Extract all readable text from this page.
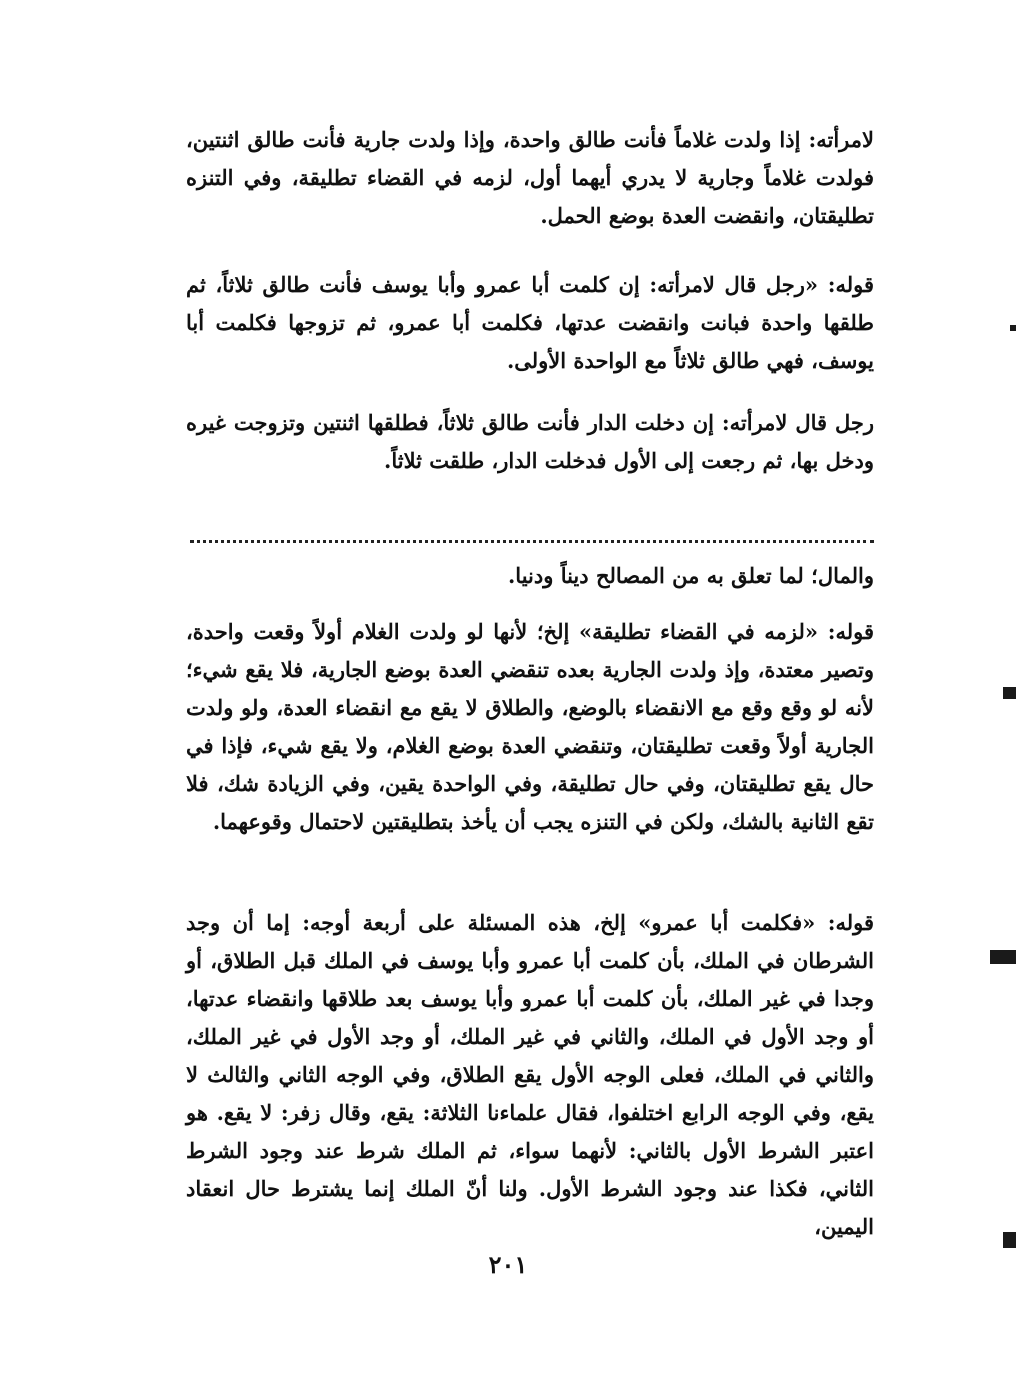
لامرأته: إذا ولدت غلاماً فأنت طالق واحدة، وإذا ولدت جارية فأنت طالق اثنتين، فولدت غلاماً وجارية لا يدري أيهما أول، لزمه في القضاء تطليقة، وفي التنزه تطليقتان، وانقضت العدة بوضع الحمل.

قوله: «رجل قال لامرأته: إن كلمت أبا عمرو وأبا يوسف فأنت طالق ثلاثاً، ثم طلقها واحدة فبانت وانقضت عدتها، فكلمت أبا عمرو، ثم تزوجها فكلمت أبا يوسف، فهي طالق ثلاثاً مع الواحدة الأولى.

رجل قال لامرأته: إن دخلت الدار فأنت طالق ثلاثاً، فطلقها اثنتين وتزوجت غيره ودخل بها، ثم رجعت إلى الأول فدخلت الدار، طلقت ثلاثاً.

والمال؛ لما تعلق به من المصالح ديناً ودنيا.

قوله: «لزمه في القضاء تطليقة» إلخ؛ لأنها لو ولدت الغلام أولاً وقعت واحدة، وتصير معتدة، وإذ ولدت الجارية بعده تنقضي العدة بوضع الجارية، فلا يقع شيء؛ لأنه لو وقع وقع مع الانقضاء بالوضع، والطلاق لا يقع مع انقضاء العدة، ولو ولدت الجارية أولاً وقعت تطليقتان، وتنقضي العدة بوضع الغلام، ولا يقع شيء، فإذا في حال يقع تطليقتان، وفي حال تطليقة، وفي الواحدة يقين، وفي الزيادة شك، فلا تقع الثانية بالشك، ولكن في التنزه يجب أن يأخذ بتطليقتين لاحتمال وقوعهما.

قوله: «فكلمت أبا عمرو» إلخ، هذه المسئلة على أربعة أوجه: إما أن وجد الشرطان في الملك، بأن كلمت أبا عمرو وأبا يوسف في الملك قبل الطلاق، أو وجدا في غير الملك، بأن كلمت أبا عمرو وأبا يوسف بعد طلاقها وانقضاء عدتها، أو وجد الأول في الملك، والثاني في غير الملك، أو وجد الأول في غير الملك، والثاني في الملك، فعلى الوجه الأول يقع الطلاق، وفي الوجه الثاني والثالث لا يقع، وفي الوجه الرابع اختلفوا، فقال علماءنا الثلاثة: يقع، وقال زفر: لا يقع. هو اعتبر الشرط الأول بالثاني: لأنهما سواء، ثم الملك شرط عند وجود الشرط الثاني، فكذا عند وجود الشرط الأول. ولنا أنّ الملك إنما يشترط حال انعقاد اليمين،

٢٠١
